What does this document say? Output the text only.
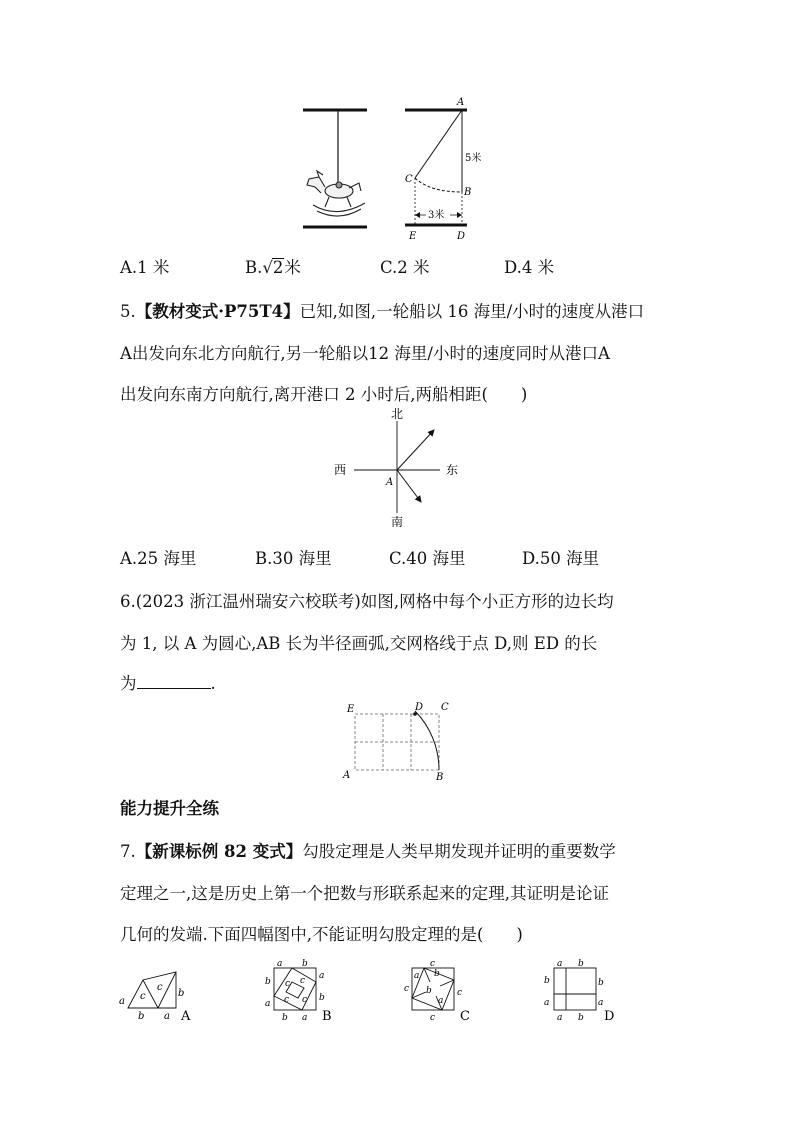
A
B
C
D
E
5米
3米
A.1 米	B.√2米	C.2 米	D.4 米
5.【教材变式·P75T4】已知,如图,一轮船以 16 海里/小时的速度从港口
A出发向东北方向航行,另一轮船以12 海里/小时的速度同时从港口A
出发向东南方向航行,离开港口 2 小时后,两船相距(　　)
北
南
西	东
A
A.25 海里	B.30 海里	C.40 海里	D.50 海里
6.(2023 浙江温州瑞安六校联考)如图,网格中每个小正方形的边长均
为 1, 以 A 为圆心,AB 长为半径画弧,交网格线于点 D,则 ED 的长
为	.
E	D C
A	B
能力提升全练
7.【新课标例 82 变式】勾股定理是人类早期发现并证明的重要数学
定理之一,这是历史上第一个把数与形联系起来的定理,其证明是论证
几何的发端.下面四幅图中,不能证明勾股定理的是(　　)
a
b
c
c
b a A
a b
b
a
a
b
c c
c
c
b a B
c
a b
c	c
b
a
c C
a b
b
a
b
a
a b D
